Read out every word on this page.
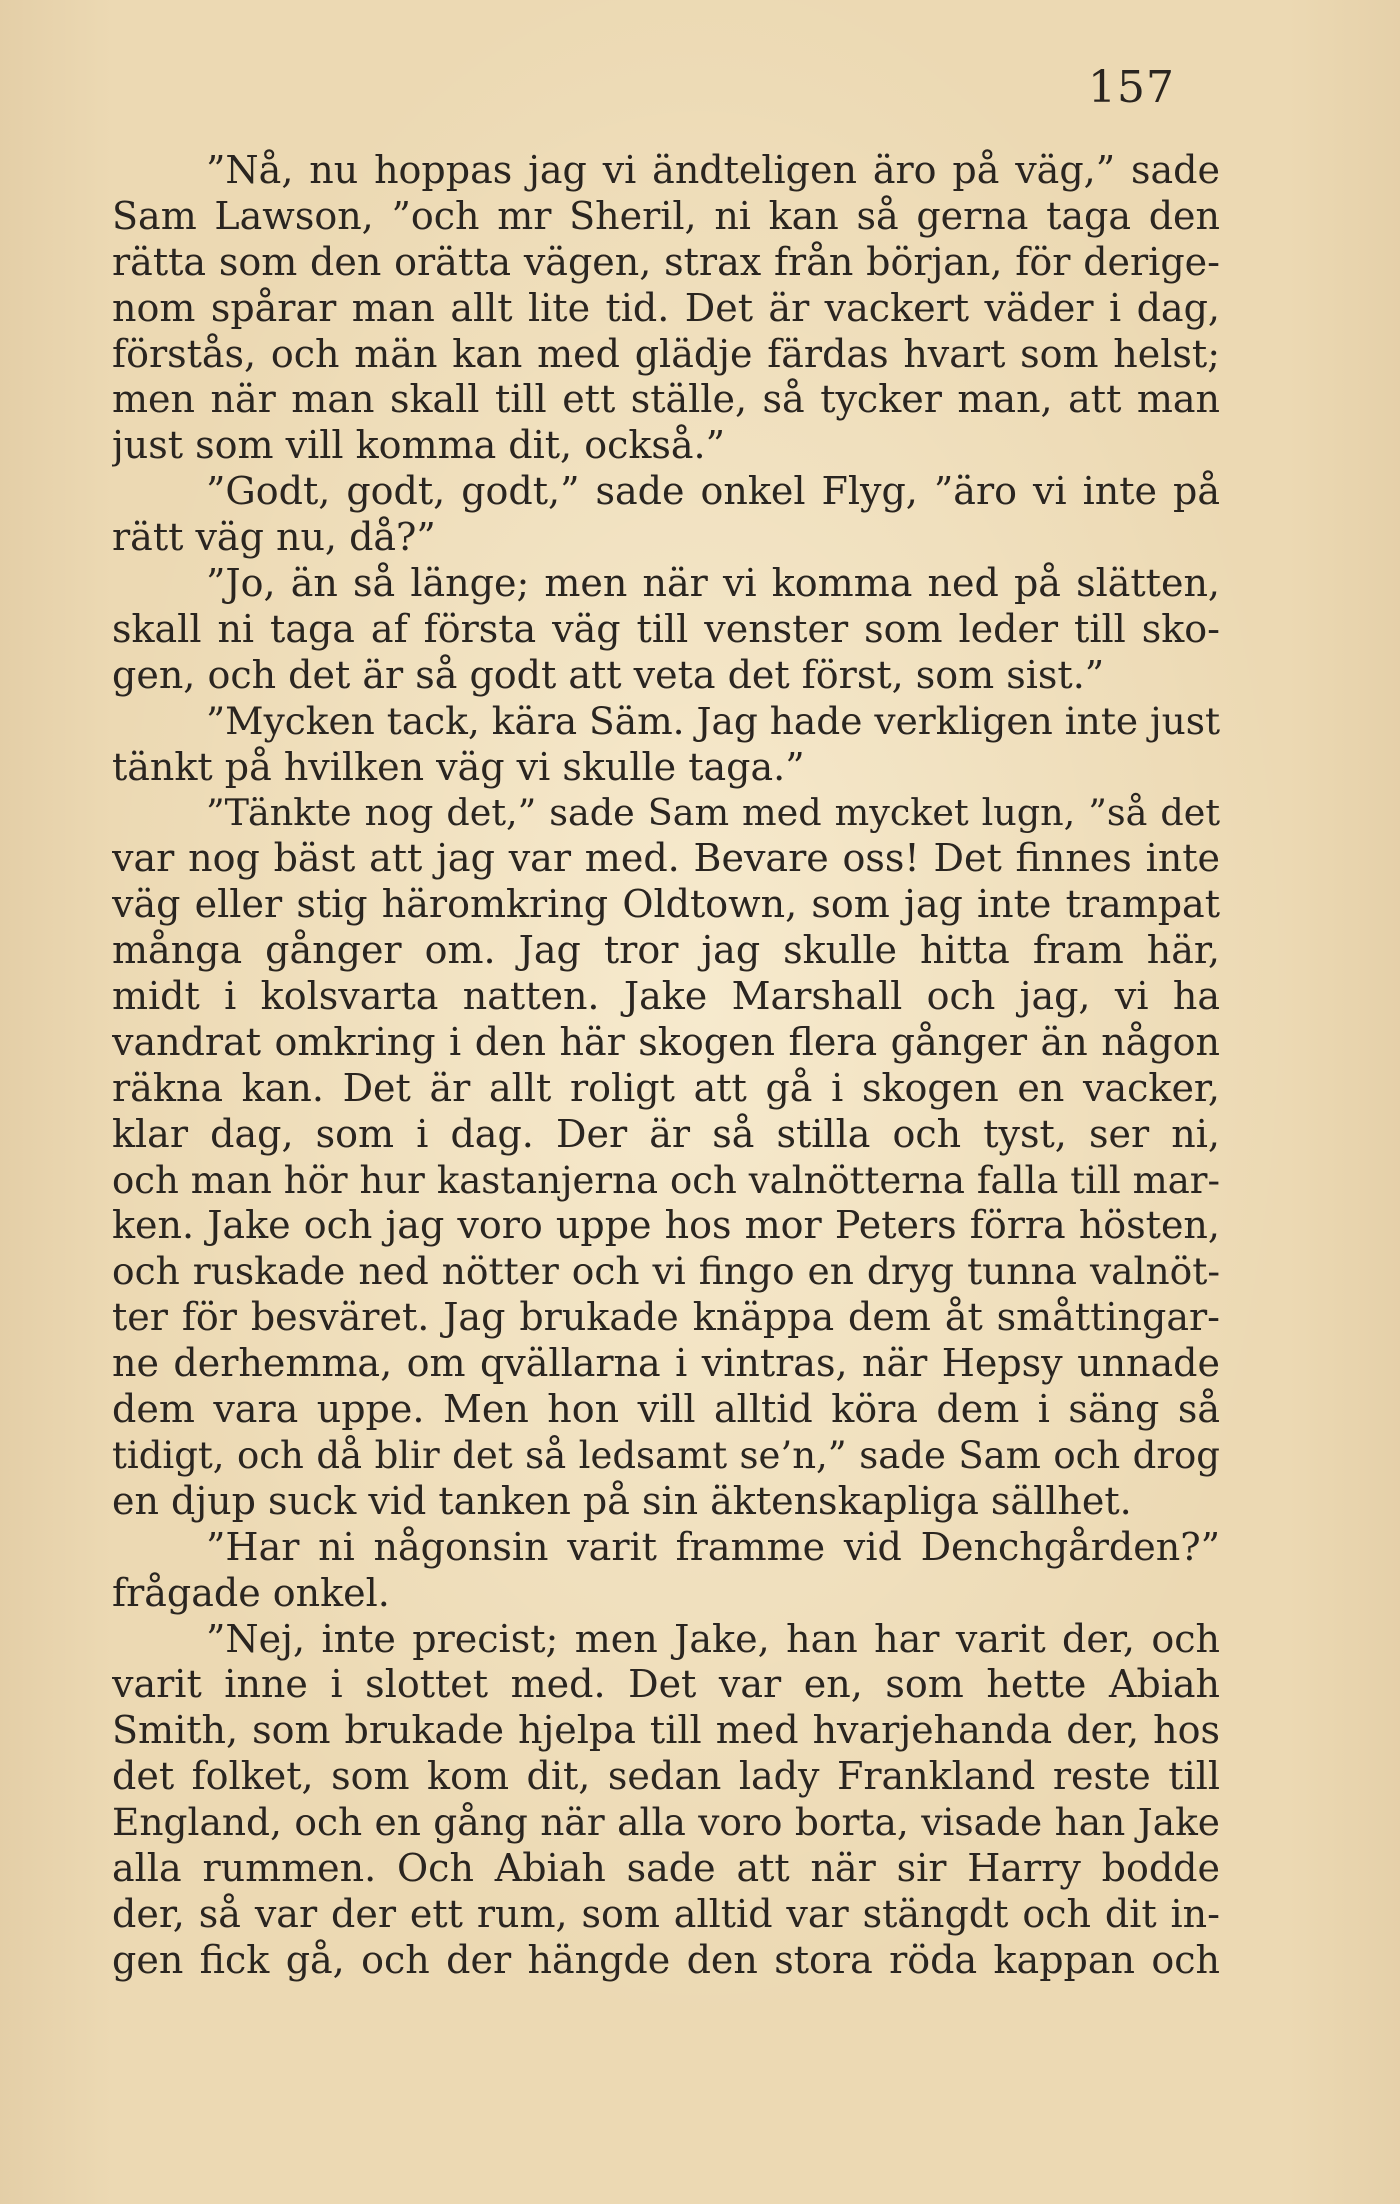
157
”Nå, nu hoppas jag vi ändteligen äro på väg,” sade
Sam Lawson, ”och mr Sheril, ni kan så gerna taga den
rätta som den orätta vägen, strax från början, för derige-
nom spårar man allt lite tid. Det är vackert väder i dag,
förstås, och män kan med glädje färdas hvart som helst;
men när man skall till ett ställe, så tycker man, att man
just som vill komma dit, också.”
”Godt, godt, godt,” sade onkel Flyg, ”äro vi inte på
rätt väg nu, då?”
”Jo, än så länge; men när vi komma ned på slätten,
skall ni taga af första väg till venster som leder till sko-
gen, och det är så godt att veta det först, som sist.”
”Mycken tack, kära Säm. Jag hade verkligen inte just
tänkt på hvilken väg vi skulle taga.”
”Tänkte nog det,” sade Sam med mycket lugn, ”så det
var nog bäst att jag var med. Bevare oss! Det finnes inte
väg eller stig häromkring Oldtown, som jag inte trampat
många gånger om. Jag tror jag skulle hitta fram här,
midt i kolsvarta natten. Jake Marshall och jag, vi ha
vandrat omkring i den här skogen flera gånger än någon
räkna kan. Det är allt roligt att gå i skogen en vacker,
klar dag, som i dag. Der är så stilla och tyst, ser ni,
och man hör hur kastanjerna och valnötterna falla till mar-
ken. Jake och jag voro uppe hos mor Peters förra hösten,
och ruskade ned nötter och vi fingo en dryg tunna valnöt-
ter för besväret. Jag brukade knäppa dem åt småttingar-
ne derhemma, om qvällarna i vintras, när Hepsy unnade
dem vara uppe. Men hon vill alltid köra dem i säng så
tidigt, och då blir det så ledsamt se’n,” sade Sam och drog
en djup suck vid tanken på sin äktenskapliga sällhet.
”Har ni någonsin varit framme vid Denchgården?”
frågade onkel.
”Nej, inte precist; men Jake, han har varit der, och
varit inne i slottet med. Det var en, som hette Abiah
Smith, som brukade hjelpa till med hvarjehanda der, hos
det folket, som kom dit, sedan lady Frankland reste till
England, och en gång när alla voro borta, visade han Jake
alla rummen. Och Abiah sade att när sir Harry bodde
der, så var der ett rum, som alltid var stängdt och dit in-
gen fick gå, och der hängde den stora röda kappan och
